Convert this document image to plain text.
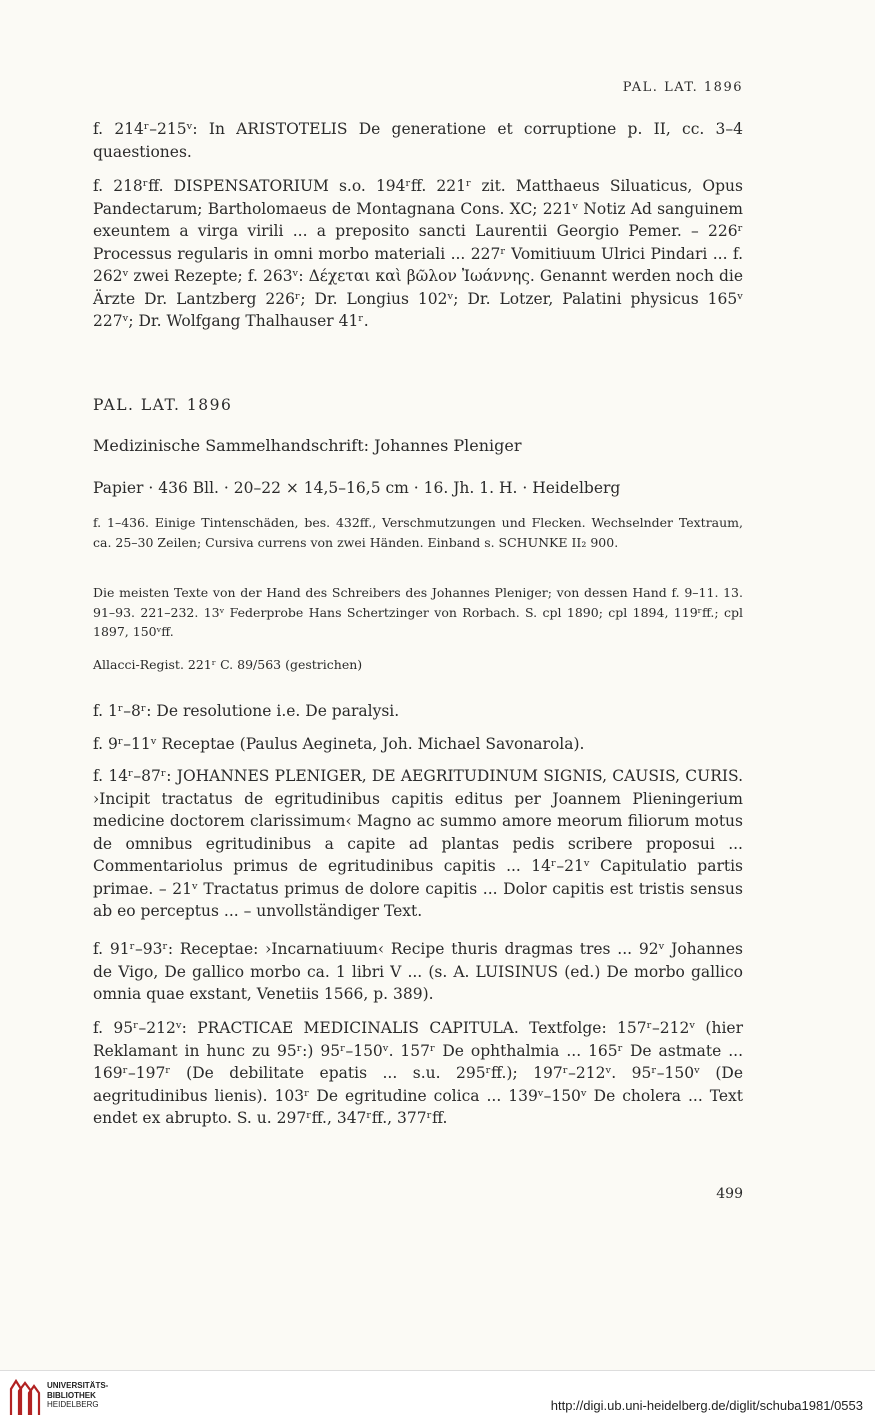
PAL. LAT. 1896

f. 214ʳ–215ᵛ: In ARISTOTELIS De generatione et corruptione p. II, cc. 3–4 quaestiones.

f. 218ʳff. DISPENSATORIUM s.o. 194ʳff. 221ʳ zit. Matthaeus Siluaticus, Opus Pandectarum; Bartholomaeus de Montagnana Cons. XC; 221ᵛ Notiz Ad sanguinem exeuntem a virga virili ... a preposito sancti Laurentii Georgio Pemer. – 226ʳ Processus regularis in omni morbo materiali ... 227ʳ Vomitiuum Ulrici Pindari ... f. 262ᵛ zwei Rezepte; f. 263ᵛ: Δέχεται καὶ βῶλον Ἰωάννης. Genannt werden noch die Ärzte Dr. Lantzberg 226ʳ; Dr. Longius 102ᵛ; Dr. Lotzer, Palatini physicus 165ᵛ 227ᵛ; Dr. Wolfgang Thalhauser 41ʳ.

PAL. LAT. 1896

Medizinische Sammelhandschrift: Johannes Pleniger

Papier · 436 Bll. · 20–22 × 14,5–16,5 cm · 16. Jh. 1. H. · Heidelberg

f. 1–436. Einige Tintenschäden, bes. 432ff., Verschmutzungen und Flecken. Wechselnder Textraum, ca. 25–30 Zeilen; Cursiva currens von zwei Händen. Einband s. SCHUNKE II₂ 900.

Die meisten Texte von der Hand des Schreibers des Johannes Pleniger; von dessen Hand f. 9–11. 13. 91–93. 221–232. 13ᵛ Federprobe Hans Schertzinger von Rorbach. S. cpl 1890; cpl 1894, 119ʳff.; cpl 1897, 150ᵛff.

Allacci-Regist. 221ʳ C. 89/563 (gestrichen)

f. 1ʳ–8ʳ: De resolutione i.e. De paralysi.

f. 9ʳ–11ᵛ Receptae (Paulus Aegineta, Joh. Michael Savonarola).

f. 14ʳ–87ʳ: JOHANNES PLENIGER, DE AEGRITUDINUM SIGNIS, CAUSIS, CURIS. ›Incipit tractatus de egritudinibus capitis editus per Joannem Plieningerium medicine doctorem clarissimum‹ Magno ac summo amore meorum filiorum motus de omnibus egritudinibus a capite ad plantas pedis scribere proposui ... Commentariolus primus de egritudinibus capitis ... 14ʳ–21ᵛ Capitulatio partis primae. – 21ᵛ Tractatus primus de dolore capitis ... Dolor capitis est tristis sensus ab eo perceptus ... – unvollständiger Text.

f. 91ʳ–93ʳ: Receptae: ›Incarnatiuum‹ Recipe thuris dragmas tres ... 92ᵛ Johannes de Vigo, De gallico morbo ca. 1 libri V ... (s. A. LUISINUS (ed.) De morbo gallico omnia quae exstant, Venetiis 1566, p. 389).

f. 95ʳ–212ᵛ: PRACTICAE MEDICINALIS CAPITULA. Textfolge: 157ʳ–212ᵛ (hier Reklamant in hunc zu 95ʳ:) 95ʳ–150ᵛ. 157ʳ De ophthalmia ... 165ʳ De astmate ... 169ʳ–197ʳ (De debilitate epatis ... s.u. 295ʳff.); 197ʳ–212ᵛ. 95ʳ–150ᵛ (De aegritudinibus lienis). 103ʳ De egritudine colica ... 139ᵛ–150ᵛ De cholera ... Text endet ex abrupto. S. u. 297ʳff., 347ʳff., 377ʳff.

499
UNIVERSITÄTS-
BIBLIOTHEK
HEIDELBERG	http://digi.ub.uni-heidelberg.de/diglit/schuba1981/0553
